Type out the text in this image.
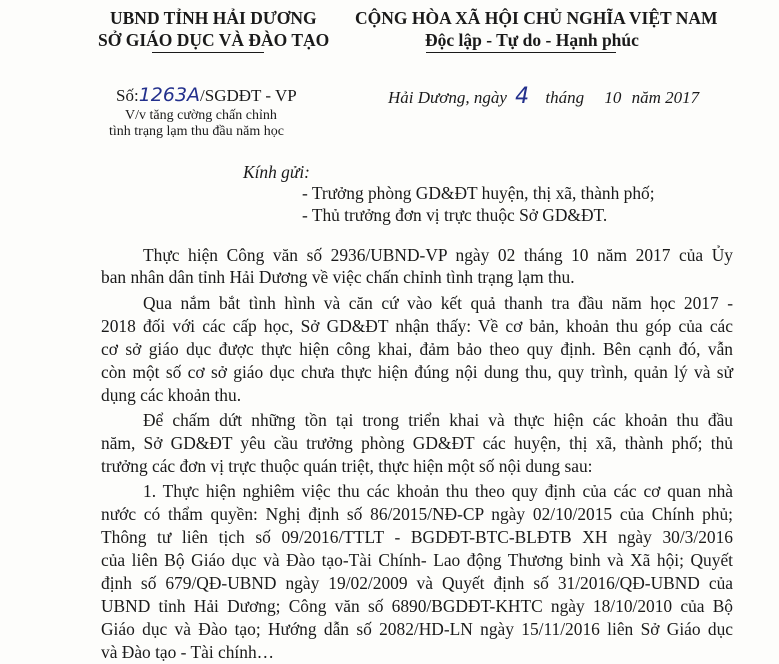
UBND TỈNH HẢI DƯƠNG
SỞ GIÁO DỤC VÀ ĐÀO TẠO
Số:1263A/SGDĐT - VP
V/v tăng cường chấn chỉnh
tình trạng lạm thu đầu năm học
CỘNG HÒA XÃ HỘI CHỦ NGHĨA VIỆT NAM
Độc lập - Tự do - Hạnh phúc
Hải Dương, ngày 4 tháng 10 năm 2017
Kính gửi:
- Trưởng phòng GD&ĐT huyện, thị xã, thành phố;
- Thủ trưởng đơn vị trực thuộc Sở GD&ĐT.
Thực hiện Công văn số 2936/UBND-VP ngày 02 tháng 10 năm 2017 của Ủy
ban nhân dân tỉnh Hải Dương về việc chấn chỉnh tình trạng lạm thu.
Qua nắm bắt tình hình và căn cứ vào kết quả thanh tra đầu năm học 2017 -
2018 đối với các cấp học, Sở GD&ĐT nhận thấy: Về cơ bản, khoản thu góp của các
cơ sở giáo dục được thực hiện công khai, đảm bảo theo quy định. Bên cạnh đó, vẫn
còn một số cơ sở giáo dục chưa thực hiện đúng nội dung thu, quy trình, quản lý và sử
dụng các khoản thu.
Để chấm dứt những tồn tại trong triển khai và thực hiện các khoản thu đầu
năm, Sở GD&ĐT yêu cầu trưởng phòng GD&ĐT các huyện, thị xã, thành phố; thủ
trưởng các đơn vị trực thuộc quán triệt, thực hiện một số nội dung sau:
1. Thực hiện nghiêm việc thu các khoản thu theo quy định của các cơ quan nhà
nước có thẩm quyền: Nghị định số 86/2015/NĐ-CP ngày 02/10/2015 của Chính phủ;
Thông tư liên tịch số 09/2016/TTLT - BGDĐT-BTC-BLĐTB XH ngày 30/3/2016
của liên Bộ Giáo dục và Đào tạo-Tài Chính- Lao động Thương binh và Xã hội; Quyết
định số 679/QĐ-UBND ngày 19/02/2009 và Quyết định số 31/2016/QĐ-UBND của
UBND tỉnh Hải Dương; Công văn số 6890/BGDĐT-KHTC ngày 18/10/2010 của Bộ
Giáo dục và Đào tạo; Hướng dẫn số 2082/HD-LN ngày 15/11/2016 liên Sở Giáo dục
và Đào tạo - Tài chính…
